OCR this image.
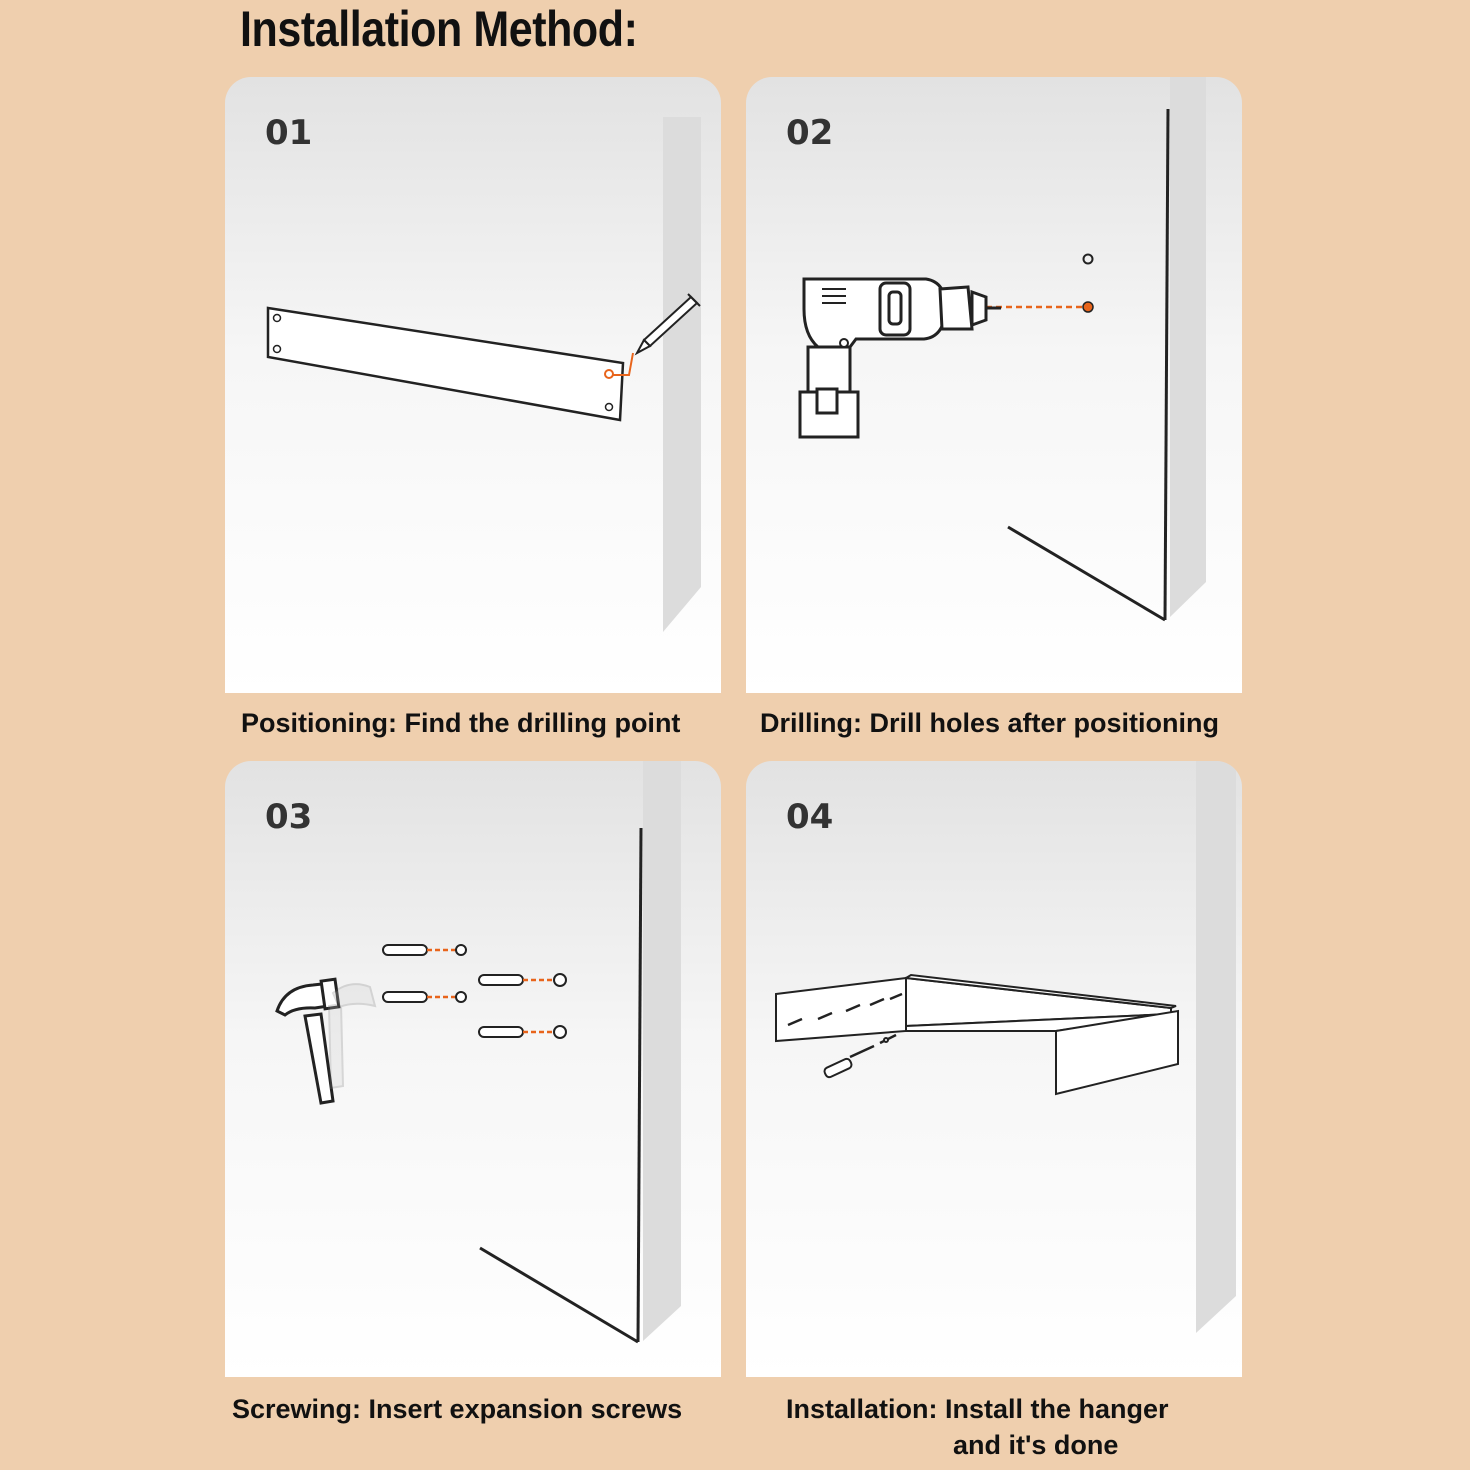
Installation Method:
01
Positioning: Find the drilling point
02
Drilling: Drill holes after positioning
03
Screwing: Insert expansion screws
04
Installation: Install the hanger
and it's done
